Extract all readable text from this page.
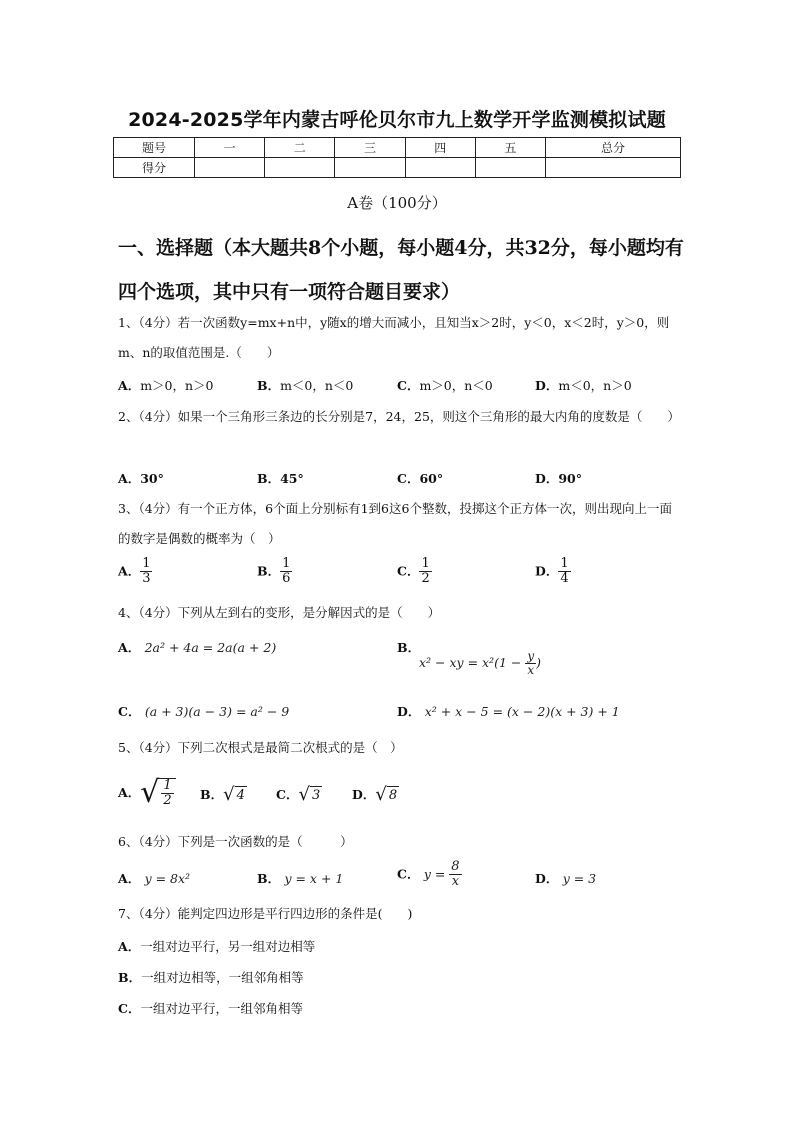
2024-2025学年内蒙古呼伦贝尔市九上数学开学监测模拟试题
题号	一	二	三	四	五	总分
得分						
A卷（100分）
一、选择题（本大题共8个小题，每小题4分，共32分，每小题均有四个选项，其中只有一项符合题目要求）
1、（4分）若一次函数y=mx+n中，y随x的增大而减小，且知当x＞2时，y＜0，x＜2时，y＞0，则m、n的取值范围是.（　　）
A．m＞0，n＞0	B．m＜0，n＜0	C．m＞0，n＜0	D．m＜0，n＞0
2、（4分）如果一个三角形三条边的长分别是7，24，25，则这个三角形的最大内角的度数是（　　）
A．30°	B．45°	C．60°	D．90°
3、（4分）有一个正方体，6个面上分别标有1到6这6个整数，投掷这个正方体一次，则出现向上一面的数字是偶数的概率为（　）
A． $\frac{1}{3}$	B． $\frac{1}{6}$	C． $\frac{1}{2}$	D． $\frac{1}{4}$
4、（4分）下列从左到右的变形，是分解因式的是（　　）
A． 2a² + 4a = 2a(a + 2)	B．
x² − xy = $x^2(1 - \frac{y}{x}$ )
C． (a + 3)(a − 3) = a² − 9	D． x² + x − 5 = (x − 2)(x + 3) + 1
5、（4分）下列二次根式是最简二次根式的是（　）
A． √ $\frac{1}{2}$ B． √ 4 C． √ 3	D． √ 8
6、（4分）下列是一次函数的是（　　　）
A． y = 8x²	B． y = x + 1	C． $y = \frac{8}{x}$	D． y = 3
7、（4分）能判定四边形是平行四边形的条件是(　　)
A．一组对边平行，另一组对边相等
B．一组对边相等，一组邻角相等
C．一组对边平行，一组邻角相等
